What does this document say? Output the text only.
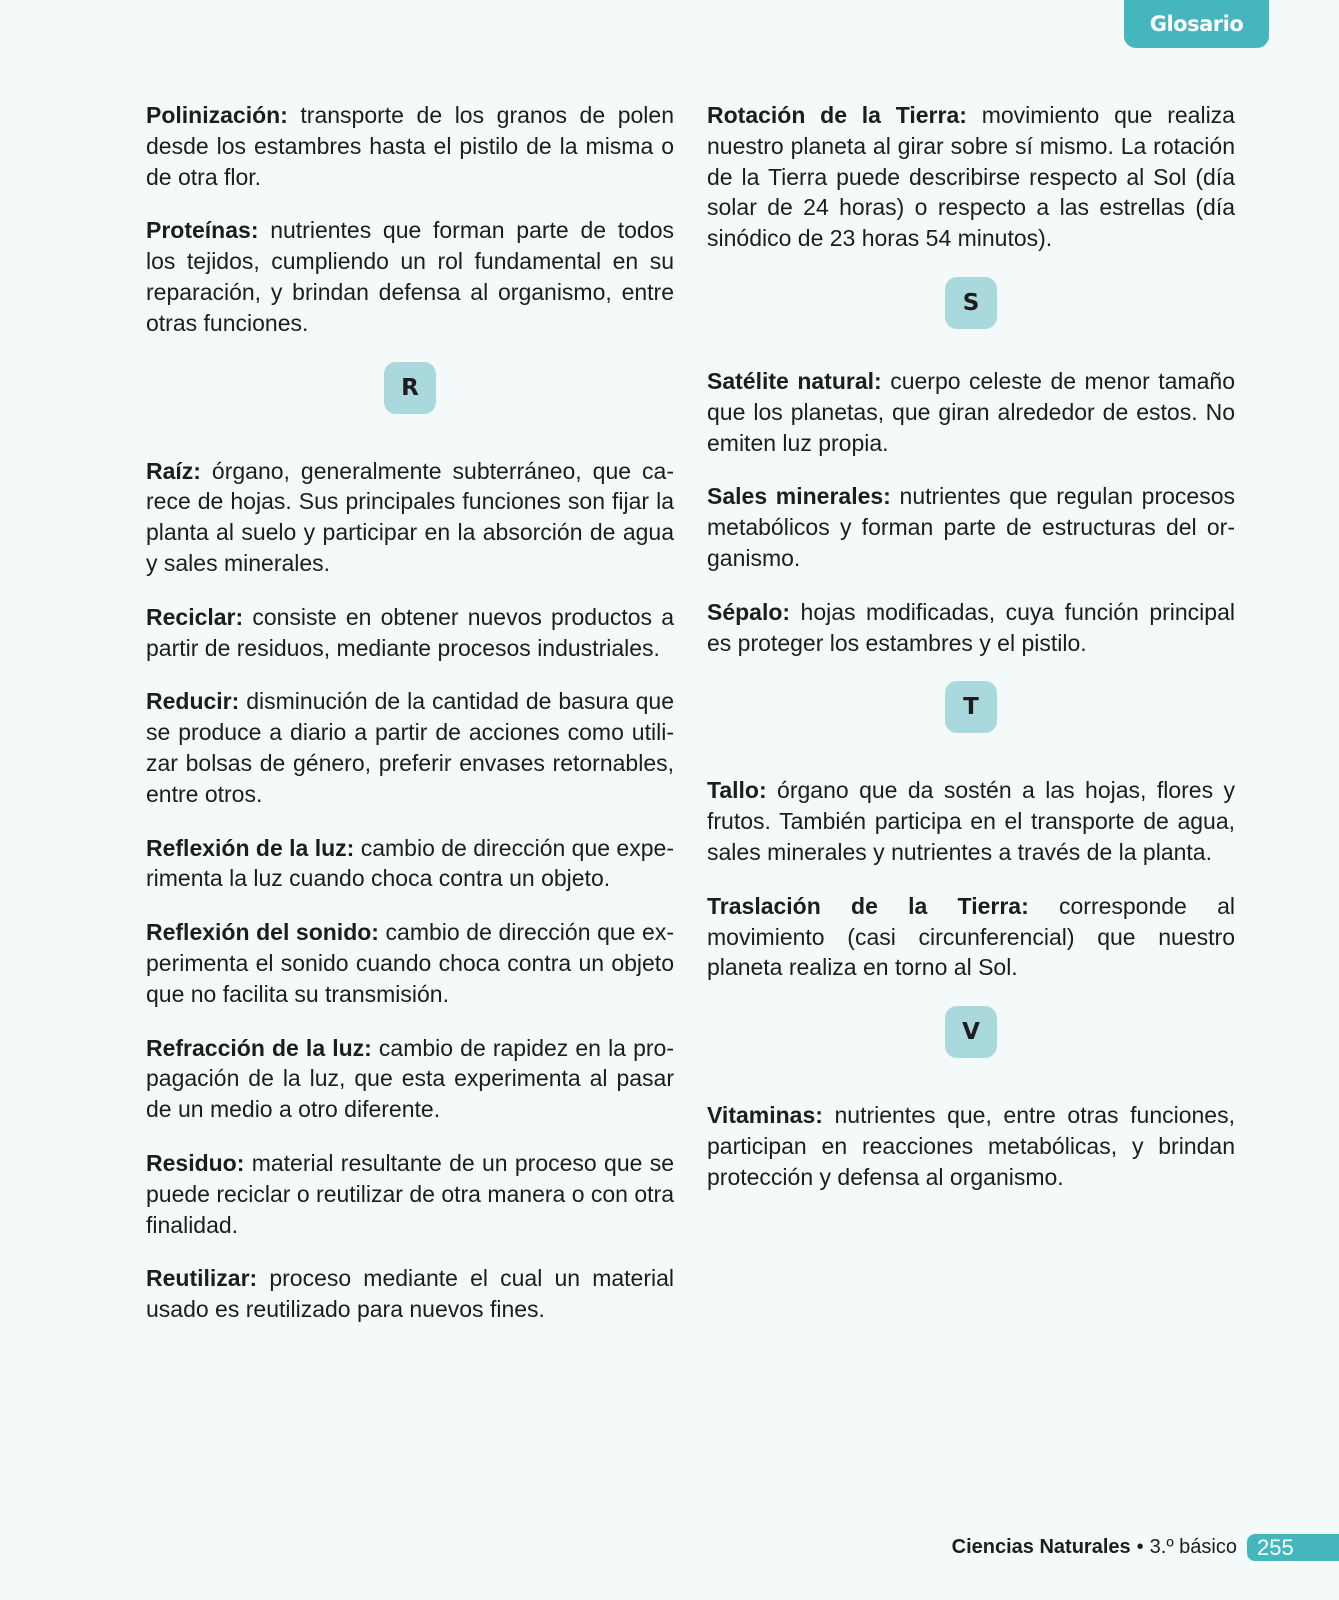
Glosario

Polinización: transporte de los granos de polen desde los estambres hasta el pistilo de la misma o de otra flor.

Proteínas: nutrientes que forman parte de todos los tejidos, cumpliendo un rol fundamental en su reparación, y brindan defensa al organismo, entre otras funciones.

R

Raíz: órgano, generalmente subterráneo, que carece de hojas. Sus principales funciones son fijar la planta al suelo y participar en la absorción de agua y sales minerales.

Reciclar: consiste en obtener nuevos productos a partir de residuos, mediante procesos industriales.

Reducir: disminución de la cantidad de basura que se produce a diario a partir de acciones como utilizar bolsas de género, preferir envases retornables, entre otros.

Reflexión de la luz: cambio de dirección que experimenta la luz cuando choca contra un objeto.

Reflexión del sonido: cambio de dirección que experimenta el sonido cuando choca contra un objeto que no facilita su transmisión.

Refracción de la luz: cambio de rapidez en la propagación de la luz, que esta experimenta al pasar de un medio a otro diferente.

Residuo: material resultante de un proceso que se puede reciclar o reutilizar de otra manera o con otra finalidad.

Reutilizar: proceso mediante el cual un material usado es reutilizado para nuevos fines.

Rotación de la Tierra: movimiento que realiza nuestro planeta al girar sobre sí mismo. La rotación de la Tierra puede describirse respecto al Sol (día solar de 24 horas) o respecto a las estrellas (día sinódico de 23 horas 54 minutos).

S

Satélite natural: cuerpo celeste de menor tamaño que los planetas, que giran alrededor de estos. No emiten luz propia.

Sales minerales: nutrientes que regulan procesos metabólicos y forman parte de estructuras del organismo.

Sépalo: hojas modificadas, cuya función principal es proteger los estambres y el pistilo.

T

Tallo: órgano que da sostén a las hojas, flores y frutos. También participa en el transporte de agua, sales minerales y nutrientes a través de la planta.

Traslación de la Tierra: corresponde al movimiento (casi circunferencial) que nuestro planeta realiza en torno al Sol.

V

Vitaminas: nutrientes que, entre otras funciones, participan en reacciones metabólicas, y brindan protección y defensa al organismo.

Ciencias Naturales • 3.º básico 255
